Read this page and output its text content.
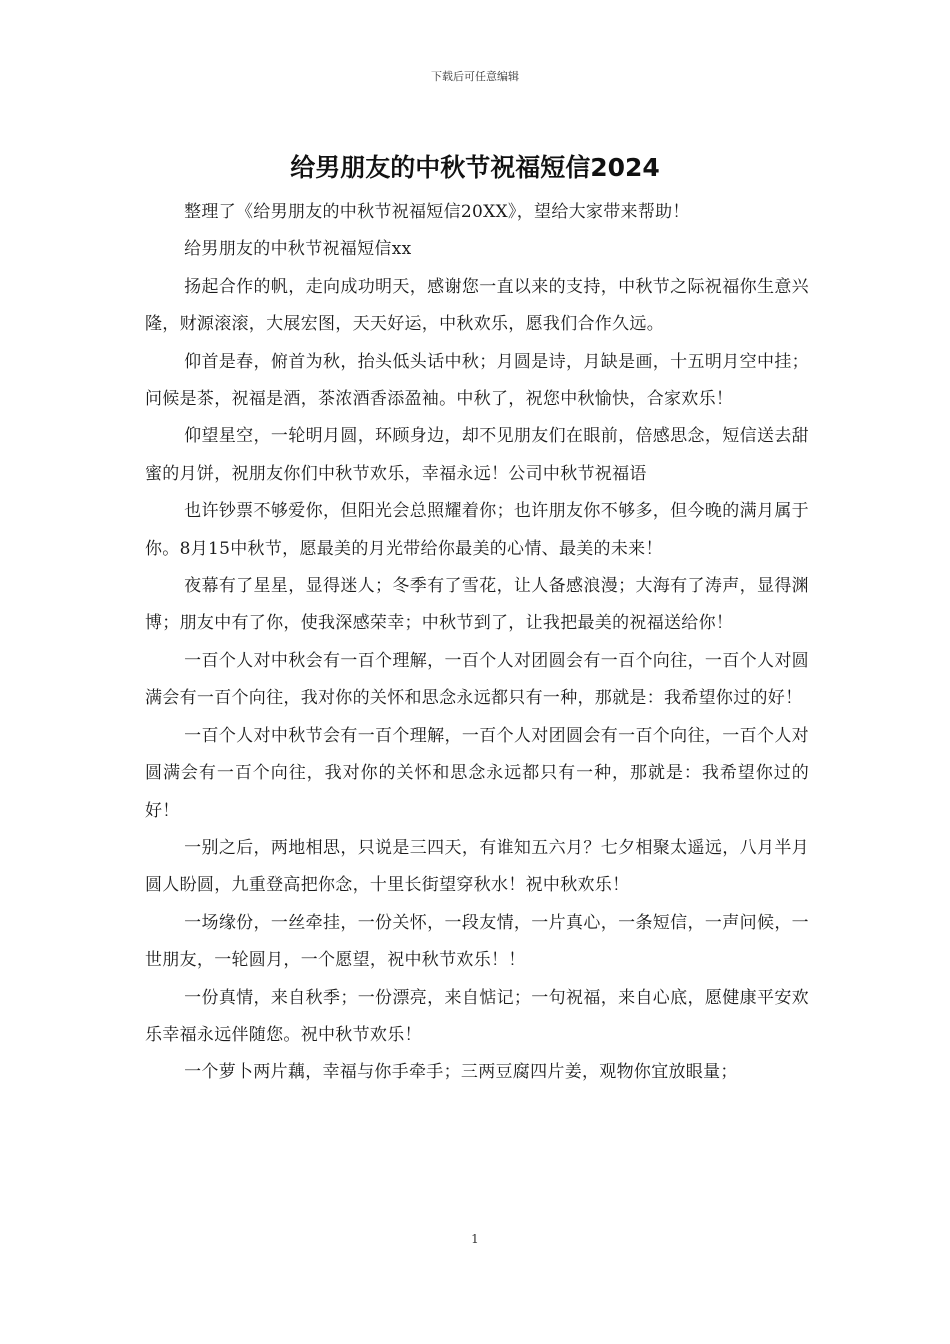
下载后可任意编辑
给男朋友的中秋节祝福短信2024

整理了《给男朋友的中秋节祝福短信20XX》，望给大家带来帮助！

给男朋友的中秋节祝福短信xx

扬起合作的帆，走向成功明天，感谢您一直以来的支持，中秋节之际祝福你生意兴隆，财源滚滚，大展宏图，天天好运，中秋欢乐，愿我们合作久远。

仰首是春，俯首为秋，抬头低头话中秋；月圆是诗，月缺是画，十五明月空中挂；问候是茶，祝福是酒，茶浓酒香添盈袖。中秋了，祝您中秋愉快，合家欢乐！

仰望星空，一轮明月圆，环顾身边，却不见朋友们在眼前，倍感思念，短信送去甜蜜的月饼，祝朋友你们中秋节欢乐，幸福永远！公司中秋节祝福语

也许钞票不够爱你，但阳光会总照耀着你；也许朋友你不够多，但今晚的满月属于你。8月15中秋节，愿最美的月光带给你最美的心情、最美的未来！

夜幕有了星星，显得迷人；冬季有了雪花，让人备感浪漫；大海有了涛声，显得渊博；朋友中有了你，使我深感荣幸；中秋节到了，让我把最美的祝福送给你！

一百个人对中秋会有一百个理解，一百个人对团圆会有一百个向往，一百个人对圆满会有一百个向往，我对你的关怀和思念永远都只有一种，那就是：我希望你过的好！

一百个人对中秋节会有一百个理解，一百个人对团圆会有一百个向往，一百个人对圆满会有一百个向往，我对你的关怀和思念永远都只有一种，那就是：我希望你过的好！

一别之后，两地相思，只说是三四天，有谁知五六月？七夕相聚太遥远，八月半月圆人盼圆，九重登高把你念，十里长街望穿秋水！祝中秋欢乐！

一场缘份，一丝牵挂，一份关怀，一段友情，一片真心，一条短信，一声问候，一世朋友，一轮圆月，一个愿望，祝中秋节欢乐！！

一份真情，来自秋季；一份漂亮，来自惦记；一句祝福，来自心底，愿健康平安欢乐幸福永远伴随您。祝中秋节欢乐！

一个萝卜两片藕，幸福与你手牵手；三两豆腐四片姜，观物你宜放眼量；

1
